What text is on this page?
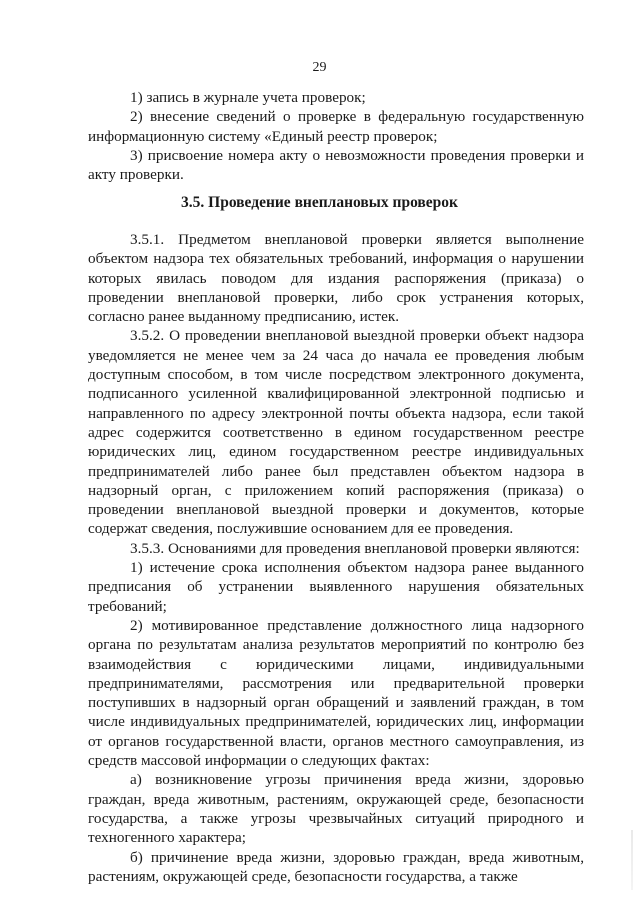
29

1) запись в журнале учета проверок;

2) внесение сведений о проверке в федеральную государственную информационную систему «Единый реестр проверок;

3) присвоение номера акту о невозможности проведения проверки и акту проверки.

3.5. Проведение внеплановых проверок

3.5.1. Предметом внеплановой проверки является выполнение объектом надзора тех обязательных требований, информация о нарушении которых явилась поводом для издания распоряжения (приказа) о проведении внеплановой проверки, либо срок устранения которых, согласно ранее выданному предписанию, истек.

3.5.2. О проведении внеплановой выездной проверки объект надзора уведомляется не менее чем за 24 часа до начала ее проведения любым доступным способом, в том числе посредством электронного документа, подписанного усиленной квалифицированной электронной подписью и направленного по адресу электронной почты объекта надзора, если такой адрес содержится соответственно в едином государственном реестре юридических лиц, едином государственном реестре индивидуальных предпринимателей либо ранее был представлен объектом надзора в надзорный орган, с приложением копий распоряжения (приказа) о проведении внеплановой выездной проверки и документов, которые содержат сведения, послужившие основанием для ее проведения.

3.5.3. Основаниями для проведения внеплановой проверки являются:

1) истечение срока исполнения объектом надзора ранее выданного предписания об устранении выявленного нарушения обязательных требований;

2) мотивированное представление должностного лица надзорного органа по результатам анализа результатов мероприятий по контролю без взаимодействия с юридическими лицами, индивидуальными предпринимателями, рассмотрения или предварительной проверки поступивших в надзорный орган обращений и заявлений граждан, в том числе индивидуальных предпринимателей, юридических лиц, информации от органов государственной власти, органов местного самоуправления, из средств массовой информации о следующих фактах:

а) возникновение угрозы причинения вреда жизни, здоровью граждан, вреда животным, растениям, окружающей среде, безопасности государства, а также угрозы чрезвычайных ситуаций природного и техногенного характера;

б) причинение вреда жизни, здоровью граждан, вреда животным, растениям, окружающей среде, безопасности государства, а также
